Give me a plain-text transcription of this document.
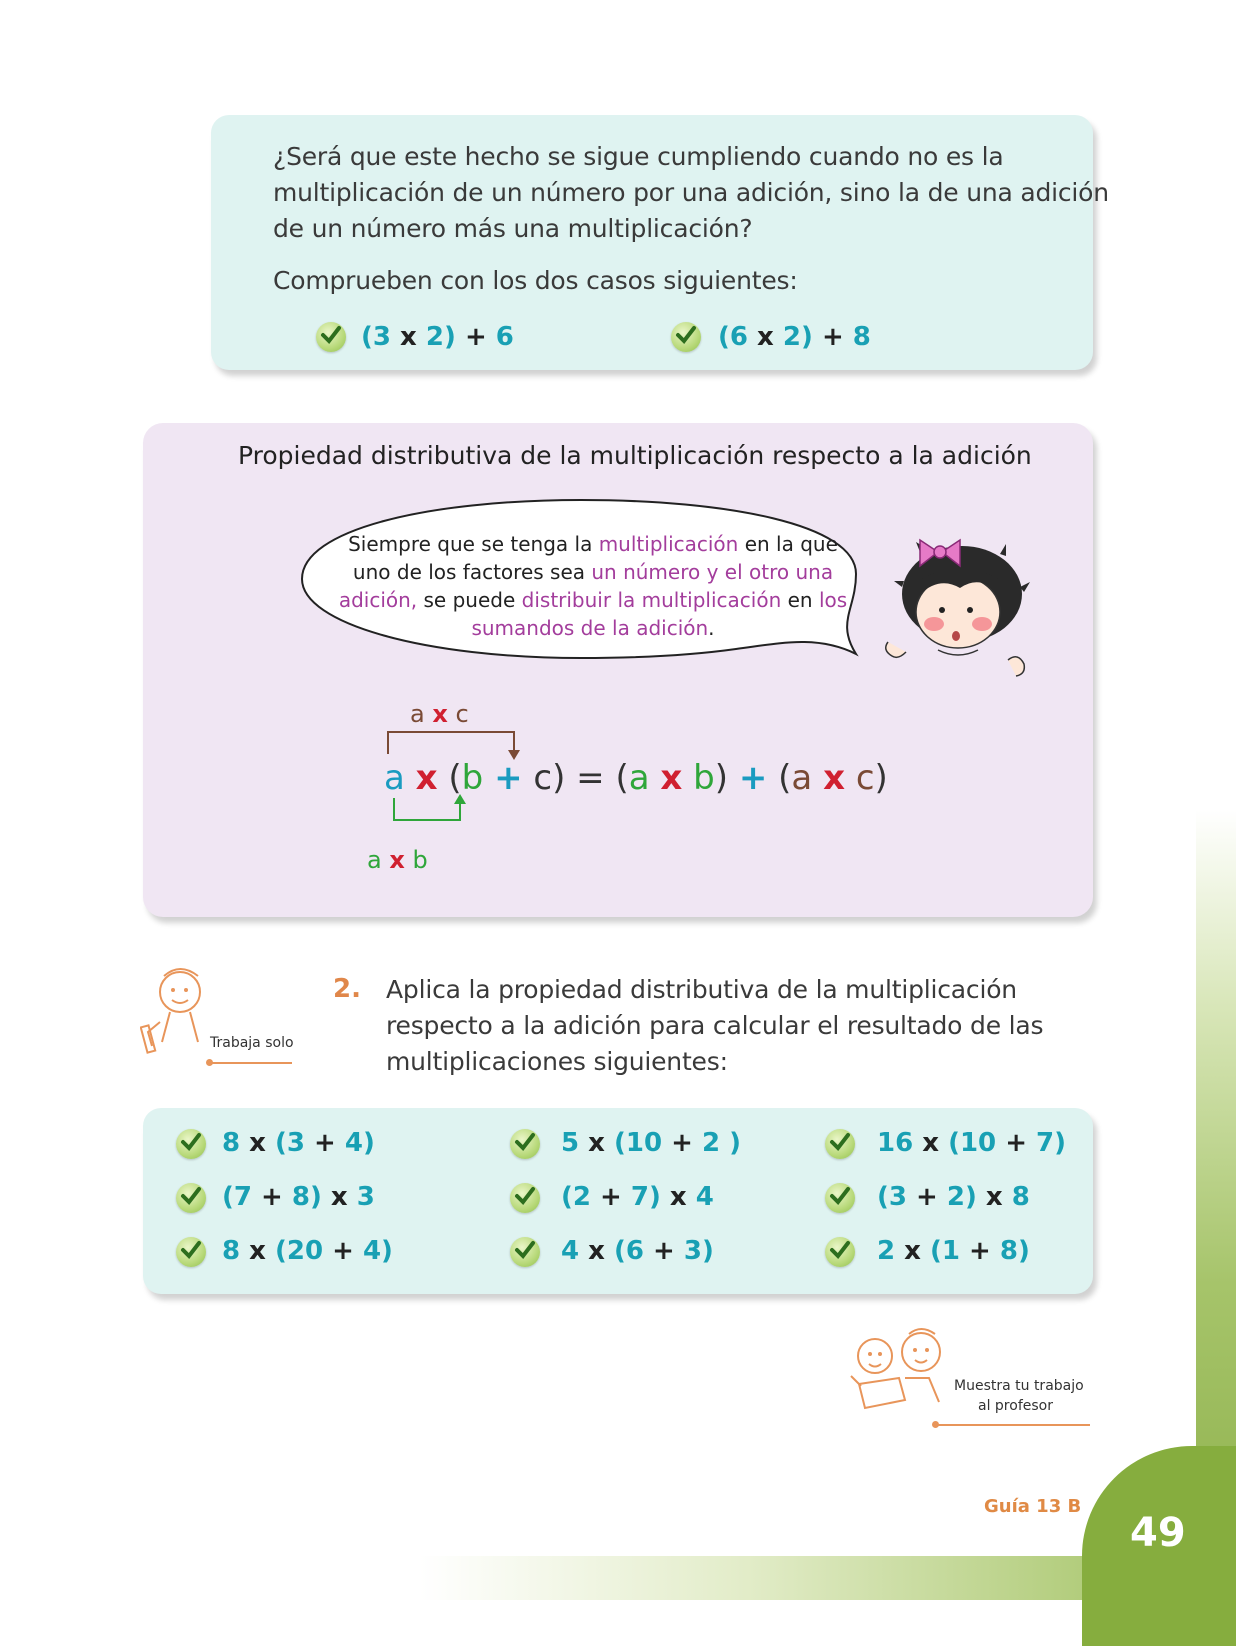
49
Guía 13 B
¿Será que este hecho se sigue cumpliendo cuando no es la
multiplicación de un número por una adición, sino la de una adición
de un número más una multiplicación?
Comprueben con los dos casos siguientes:
(3 x 2) + 6	(6 x 2) + 8
Propiedad distributiva de la multiplicación respecto a la adición
Siempre que se tenga la multiplicación en la que uno de los factores sea un número y el otro una adición, se puede distribuir la multiplicación en los sumandos de la adición.
a x c
a x (b + c) = (a x b) + (a x c)
a x b
Trabaja solo
2. Aplica la propiedad distributiva de la multiplicación
respecto a la adición para calcular el resultado de las
multiplicaciones siguientes:
8 x (3 + 4)	5 x (10 + 2 )	16 x (10 + 7)
(7 + 8) x 3	(2 + 7) x 4	(3 + 2) x 8
8 x (20 + 4)	4 x (6 + 3)	2 x (1 + 8)
Muestra tu trabajo
al profesor
